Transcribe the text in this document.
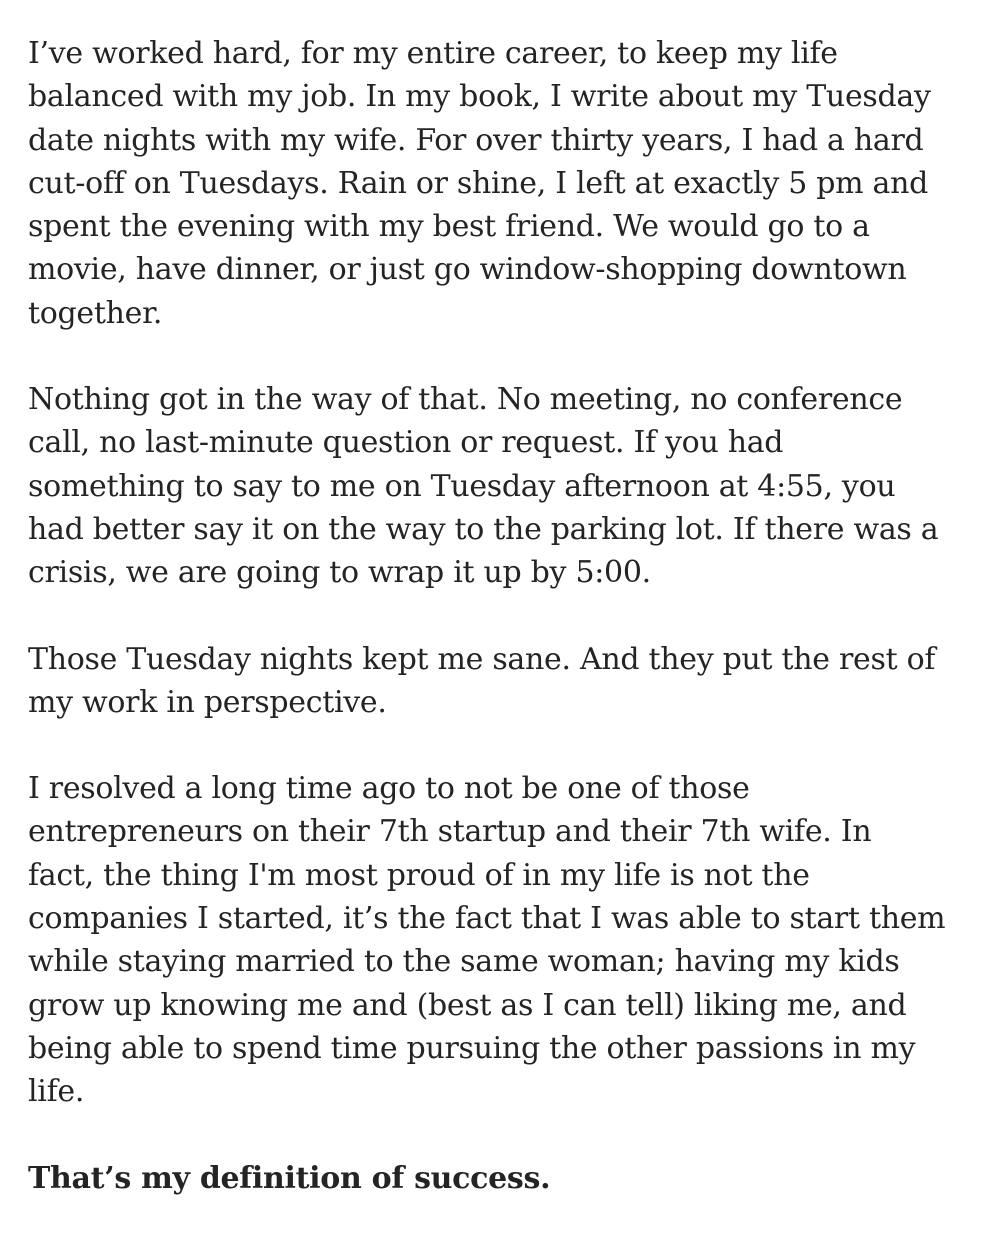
I’ve worked hard, for my entire career, to keep my life
balanced with my job. In my book, I write about my Tuesday
date nights with my wife. For over thirty years, I had a hard
cut-off on Tuesdays. Rain or shine, I left at exactly 5 pm and
spent the evening with my best friend. We would go to a
movie, have dinner, or just go window-shopping downtown
together.

Nothing got in the way of that. No meeting, no conference
call, no last-minute question or request. If you had
something to say to me on Tuesday afternoon at 4:55, you
had better say it on the way to the parking lot. If there was a
crisis, we are going to wrap it up by 5:00.

Those Tuesday nights kept me sane. And they put the rest of
my work in perspective.

I resolved a long time ago to not be one of those
entrepreneurs on their 7th startup and their 7th wife. In
fact, the thing I'm most proud of in my life is not the
companies I started, it’s the fact that I was able to start them
while staying married to the same woman; having my kids
grow up knowing me and (best as I can tell) liking me, and
being able to spend time pursuing the other passions in my
life.

That’s my definition of success.
